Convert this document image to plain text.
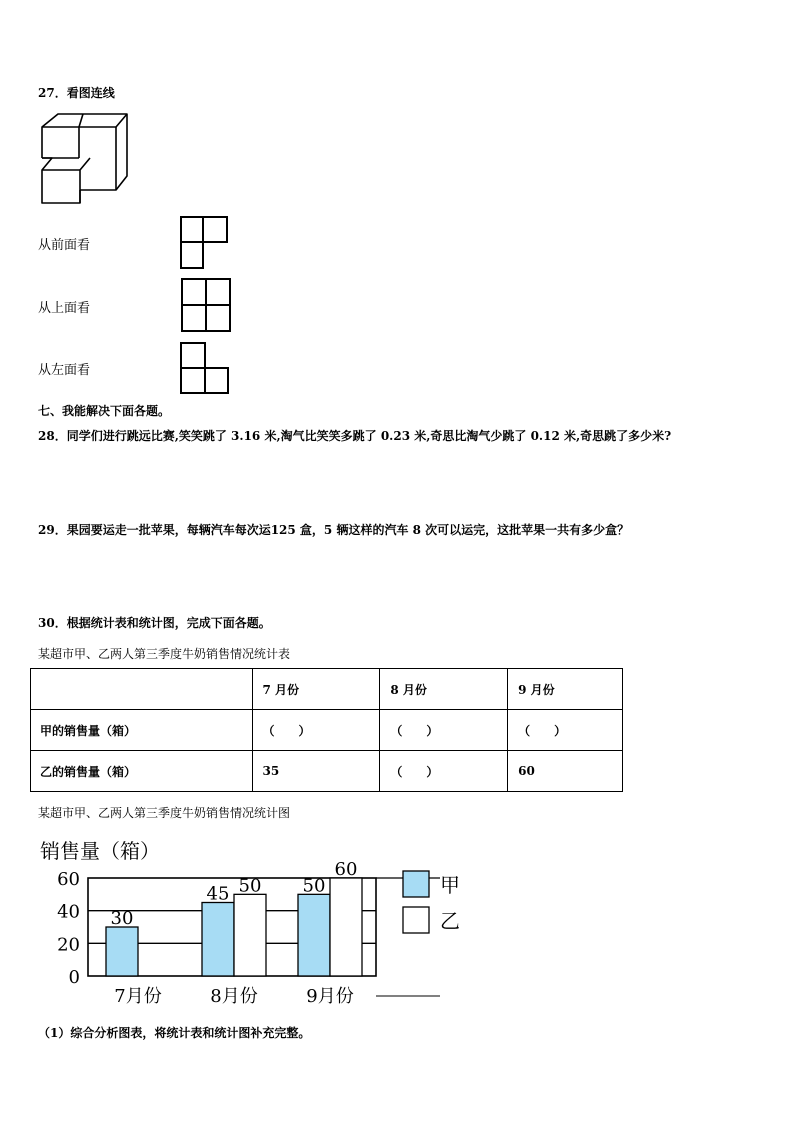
27．看图连线
从前面看
从上面看
从左面看
七、我能解决下面各题。
28．同学们进行跳远比赛,笑笑跳了 3.16 米,淘气比笑笑多跳了 0.23 米,奇思比淘气少跳了 0.12 米,奇思跳了多少米?
29．果园要运走一批苹果，每辆汽车每次运125 盒，5 辆这样的汽车 8 次可以运完，这批苹果一共有多少盒？
30．根据统计表和统计图，完成下面各题。
某超市甲、乙两人第三季度牛奶销售情况统计表
	7 月份	8 月份	9 月份
甲的销售量（箱）	（　　）	（　　）	（　　）
乙的销售量（箱）	35	（　　）	60
某超市甲、乙两人第三季度牛奶销售情况统计图
销售量（箱）
0
20
40
60
30
7月份
45 50
8月份
50
60
9月份
甲
乙
（1）综合分析图表，将统计表和统计图补充完整。
